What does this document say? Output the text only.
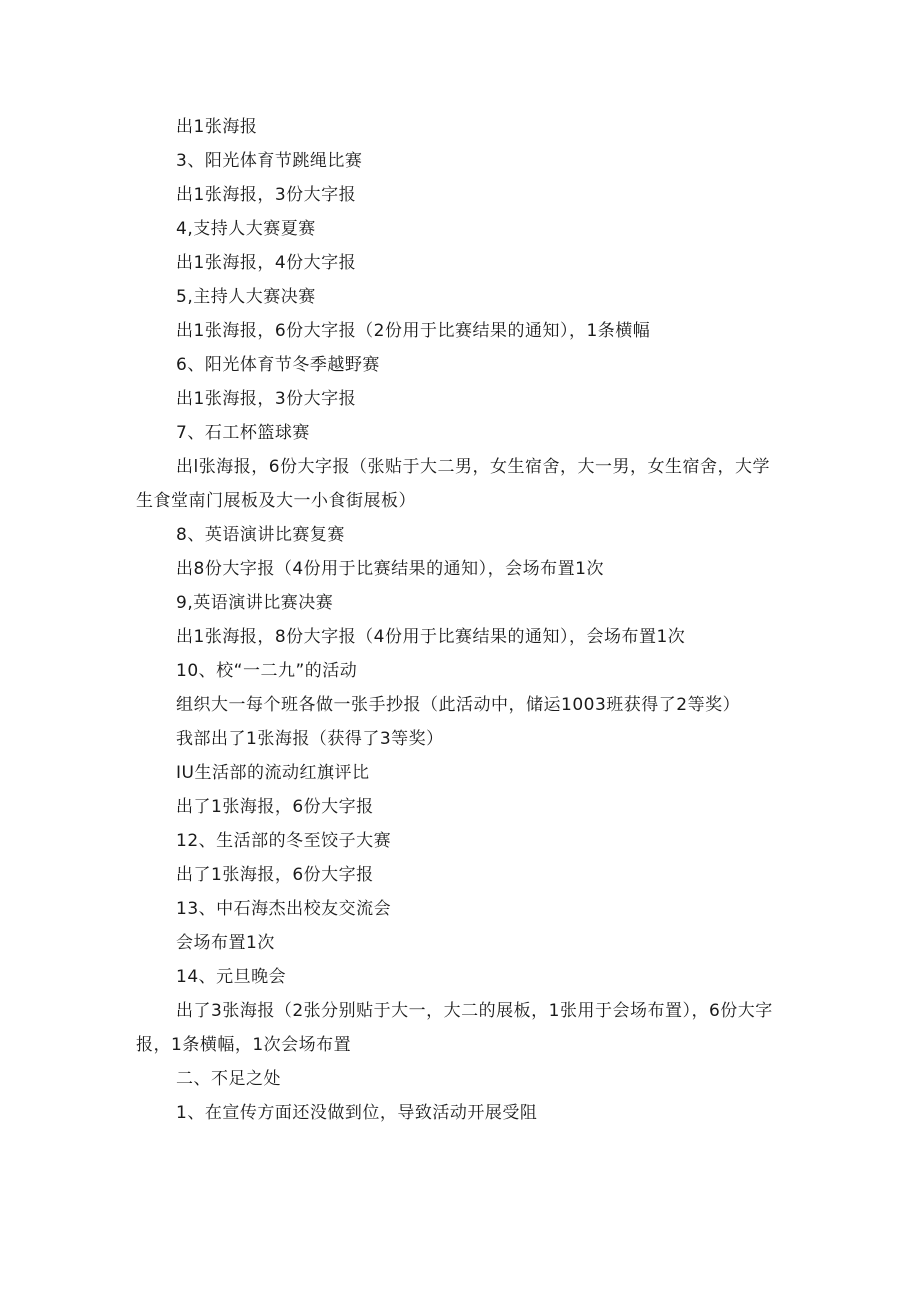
出1张海报
3、阳光体育节跳绳比赛
出1张海报，3份大字报
4,支持人大赛夏赛
出1张海报，4份大字报
5,主持人大赛决赛
出1张海报，6份大字报（2份用于比赛结果的通知），1条横幅
6、阳光体育节冬季越野赛
出1张海报，3份大字报
7、石工杯篮球赛
出l张海报，6份大字报（张贴于大二男，女生宿舍，大一男，女生宿舍，大学生食堂南门展板及大一小食街展板）
8、英语演讲比赛复赛
出8份大字报（4份用于比赛结果的通知），会场布置1次
9,英语演讲比赛决赛
出1张海报，8份大字报（4份用于比赛结果的通知），会场布置1次
10、校“一二九”的活动
组织大一每个班各做一张手抄报（此活动中，储运1003班获得了2等奖）
我部出了1张海报（获得了3等奖）
IU生活部的流动红旗评比
出了1张海报，6份大字报
12、生活部的冬至饺子大赛
出了1张海报，6份大字报
13、中石海杰出校友交流会
会场布置1次
14、元旦晚会
出了3张海报（2张分别贴于大一，大二的展板，1张用于会场布置），6份大字报，1条横幅，1次会场布置
二、不足之处
1、在宣传方面还没做到位，导致活动开展受阻
